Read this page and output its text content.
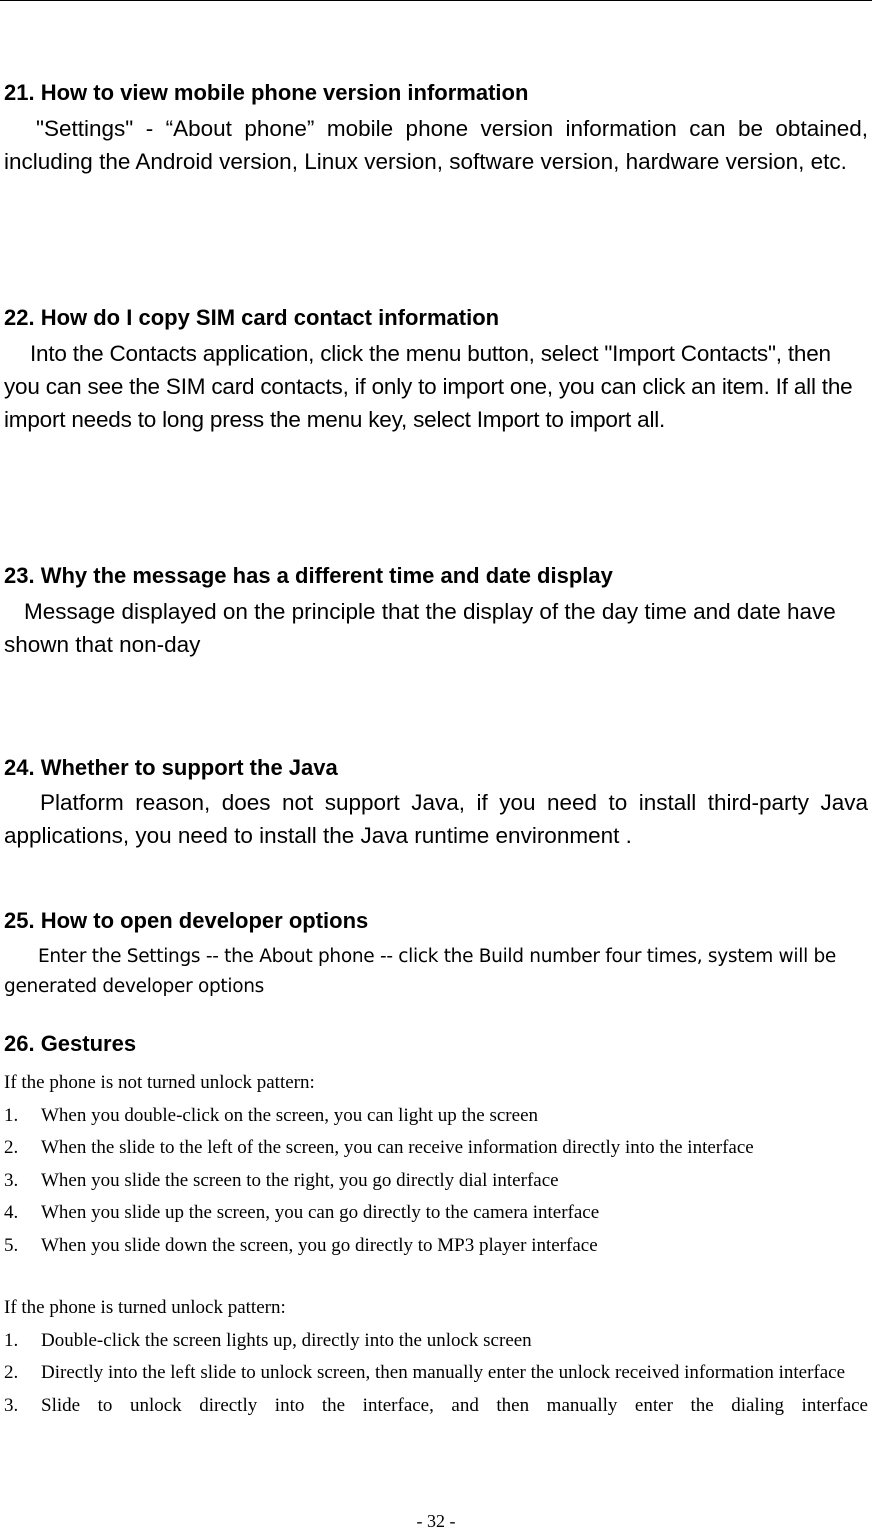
21. How to view mobile phone version information

"Settings" - “About phone” mobile phone version information can be obtained, including the Android version, Linux version, software version, hardware version, etc.

22. How do I copy SIM card contact information

Into the Contacts application, click the menu button, select "Import Contacts", then you can see the SIM card contacts, if only to import one, you can click an item. If all the import needs to long press the menu key, select Import to import all.

23. Why the message has a different time and date display

Message displayed on the principle that the display of the day time and date have shown that non-day

24. Whether to support the Java

Platform reason, does not support Java, if you need to install third-party Java applications, you need to install the Java runtime environment .

25. How to open developer options

Enter the Settings -- the About phone -- click the Build number four times, system will be generated developer options

26. Gestures

If the phone is not turned unlock pattern:

1.	When you double-click on the screen, you can light up the screen
2.	When the slide to the left of the screen, you can receive information directly into the interface
3.	When you slide the screen to the right, you go directly dial interface
4.	When you slide up the screen, you can go directly to the camera interface
5.	When you slide down the screen, you go directly to MP3 player interface

If the phone is turned unlock pattern:

1.	Double-click the screen lights up, directly into the unlock screen
2.	Directly into the left slide to unlock screen, then manually enter the unlock received information interface
3.	Slide to unlock directly into the interface, and then manually enter the dialing interface
- 32 -
